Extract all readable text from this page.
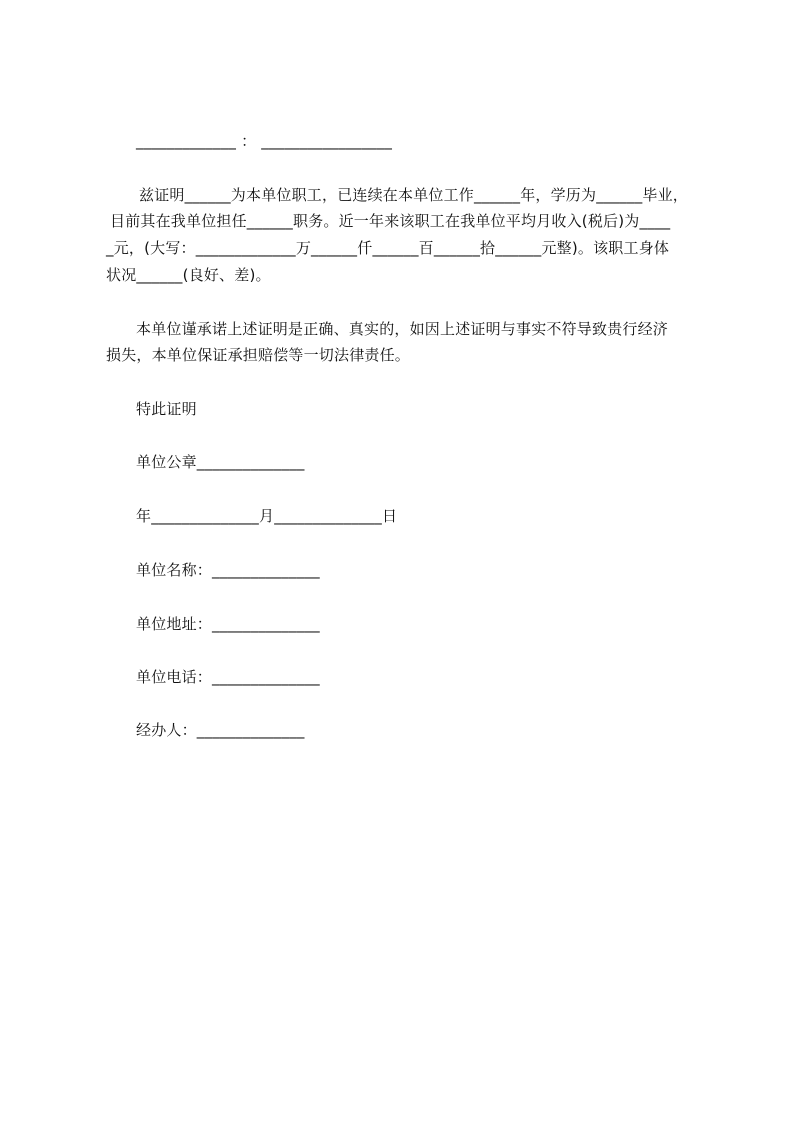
_____________ ： _________________
兹证明______为本单位职工，已连续在本单位工作______年，学历为______毕业，
目前其在我单位担任______职务。近一年来该职工在我单位平均月收入(税后)为____
_元，(大写：_____________万______仟______百______拾______元整)。该职工身体
状况______(良好、差)。
本单位谨承诺上述证明是正确、真实的，如因上述证明与事实不符导致贵行经济
损失，本单位保证承担赔偿等一切法律责任。
特此证明
单位公章______________
年______________月______________日
单位名称：______________
单位地址：______________
单位电话：______________
经办人：______________
